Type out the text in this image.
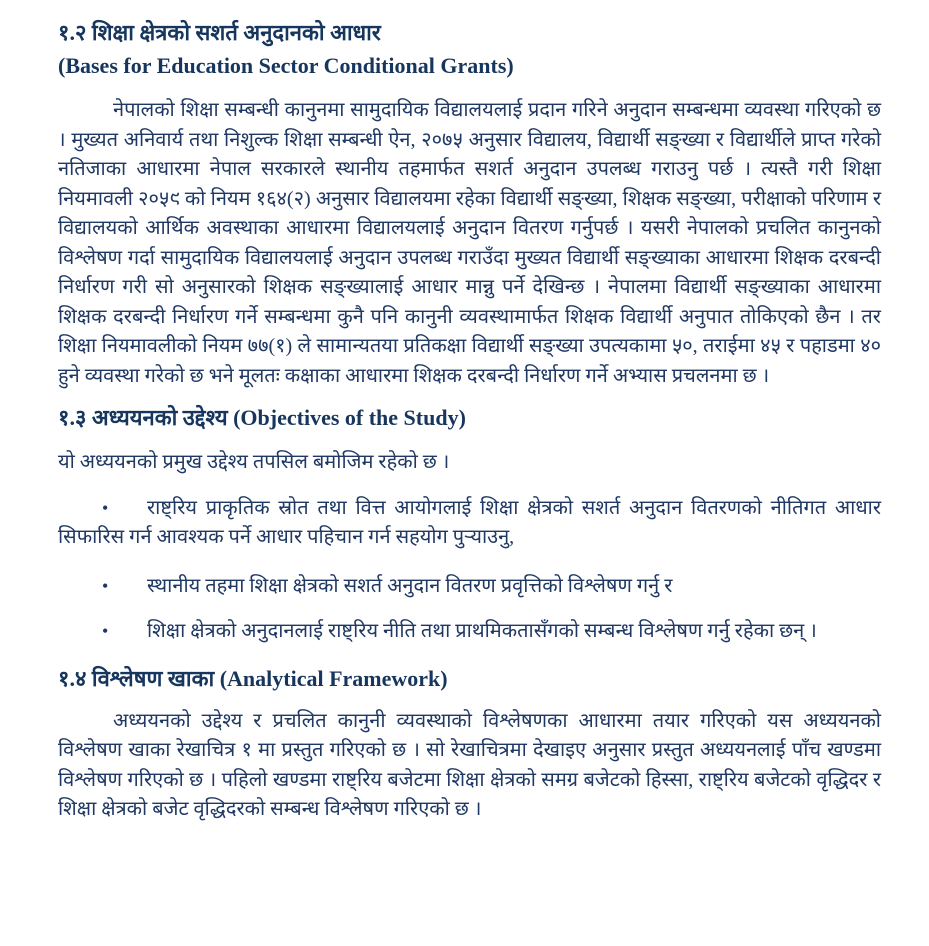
१.२ शिक्षा क्षेत्रको सशर्त अनुदानको आधार
(Bases for Education Sector Conditional Grants)

नेपालको शिक्षा सम्बन्धी कानुनमा सामुदायिक विद्यालयलाई प्रदान गरिने अनुदान सम्बन्धमा व्यवस्था गरिएको छ । मुख्यत अनिवार्य तथा निशुल्क शिक्षा सम्बन्धी ऐन, २०७५ अनुसार विद्यालय, विद्यार्थी सङ्ख्या र विद्यार्थीले प्राप्त गरेको नतिजाका आधारमा नेपाल सरकारले स्थानीय तहमार्फत सशर्त अनुदान उपलब्ध गराउनु पर्छ । त्यस्तै गरी शिक्षा नियमावली २०५९ को नियम १६४(२) अनुसार विद्यालयमा रहेका विद्यार्थी सङ्ख्या, शिक्षक सङ्ख्या, परीक्षाको परिणाम र विद्यालयको आर्थिक अवस्थाका आधारमा विद्यालयलाई अनुदान वितरण गर्नुपर्छ । यसरी नेपालको प्रचलित कानुनको विश्लेषण गर्दा सामुदायिक विद्यालयलाई अनुदान उपलब्ध गराउँदा मुख्यत विद्यार्थी सङ्ख्याका आधारमा शिक्षक दरबन्दी निर्धारण गरी सो अनुसारको शिक्षक सङ्ख्यालाई आधार मान्नु पर्ने देखिन्छ । नेपालमा विद्यार्थी सङ्ख्याका आधारमा शिक्षक दरबन्दी निर्धारण गर्ने सम्बन्धमा कुनै पनि कानुनी व्यवस्थामार्फत शिक्षक विद्यार्थी अनुपात तोकिएको छैन । तर शिक्षा नियमावलीको नियम ७७(१) ले सामान्यतया प्रतिकक्षा विद्यार्थी सङ्ख्या उपत्यकामा ५०, तराईमा ४५ र पहाडमा ४० हुने व्यवस्था गरेको छ भने मूलतः कक्षाका आधारमा शिक्षक दरबन्दी निर्धारण गर्ने अभ्यास प्रचलनमा छ ।

१.३ अध्ययनको उद्देश्य (Objectives of the Study)

यो अध्ययनको प्रमुख उद्देश्य तपसिल बमोजिम रहेको छ ।

• राष्ट्रिय प्राकृतिक स्रोत तथा वित्त आयोगलाई शिक्षा क्षेत्रको सशर्त अनुदान वितरणको नीतिगत आधार सिफारिस गर्न आवश्यक पर्ने आधार पहिचान गर्न सहयोग पुर्‍याउनु,

• स्थानीय तहमा शिक्षा क्षेत्रको सशर्त अनुदान वितरण प्रवृत्तिको विश्लेषण गर्नु र

• शिक्षा क्षेत्रको अनुदानलाई राष्ट्रिय नीति तथा प्राथमिकतासँगको सम्बन्ध विश्लेषण गर्नु रहेका छन् ।

१.४ विश्लेषण खाका (Analytical Framework)

अध्ययनको उद्देश्य र प्रचलित कानुनी व्यवस्थाको विश्लेषणका आधारमा तयार गरिएको यस अध्ययनको विश्लेषण खाका रेखाचित्र १ मा प्रस्तुत गरिएको छ । सो रेखाचित्रमा देखाइए अनुसार प्रस्तुत अध्ययनलाई पाँच खण्डमा विश्लेषण गरिएको छ । पहिलो खण्डमा राष्ट्रिय बजेटमा शिक्षा क्षेत्रको समग्र बजेटको हिस्सा, राष्ट्रिय बजेटको वृद्धिदर र शिक्षा क्षेत्रको बजेट वृद्धिदरको सम्बन्ध विश्लेषण गरिएको छ ।
